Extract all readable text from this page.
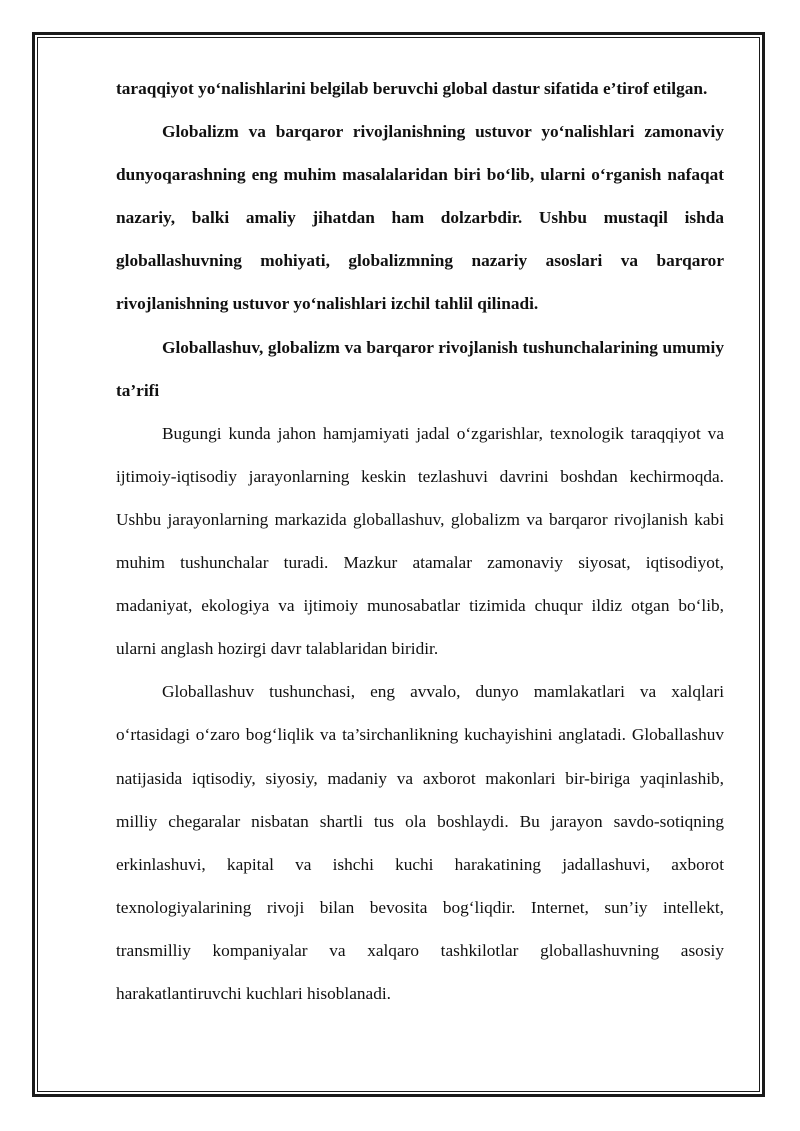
taraqqiyot yo‘nalishlarini belgilab beruvchi global dastur sifatida e’tirof etilgan.

Globalizm va barqaror rivojlanishning ustuvor yo‘nalishlari zamonaviy dunyoqarashning eng muhim masalalaridan biri bo‘lib, ularni o‘rganish nafaqat nazariy, balki amaliy jihatdan ham dolzarbdir. Ushbu mustaqil ishda globallashuvning mohiyati, globalizmning nazariy asoslari va barqaror rivojlanishning ustuvor yo‘nalishlari izchil tahlil qilinadi.

Globallashuv, globalizm va barqaror rivojlanish tushunchalarining umumiy ta’rifi

Bugungi kunda jahon hamjamiyati jadal o‘zgarishlar, texnologik taraqqiyot va ijtimoiy-iqtisodiy jarayonlarning keskin tezlashuvi davrini boshdan kechirmoqda. Ushbu jarayonlarning markazida globallashuv, globalizm va barqaror rivojlanish kabi muhim tushunchalar turadi. Mazkur atamalar zamonaviy siyosat, iqtisodiyot, madaniyat, ekologiya va ijtimoiy munosabatlar tizimida chuqur ildiz otgan bo‘lib, ularni anglash hozirgi davr talablaridan biridir.

Globallashuv tushunchasi, eng avvalo, dunyo mamlakatlari va xalqlari o‘rtasidagi o‘zaro bog‘liqlik va ta’sirchanlikning kuchayishini anglatadi. Globallashuv natijasida iqtisodiy, siyosiy, madaniy va axborot makonlari bir-biriga yaqinlashib, milliy chegaralar nisbatan shartli tus ola boshlaydi. Bu jarayon savdo-sotiqning erkinlashuvi, kapital va ishchi kuchi harakatining jadallashuvi, axborot texnologiyalarining rivoji bilan bevosita bog‘liqdir. Internet, sun’iy intellekt, transmilliy kompaniyalar va xalqaro tashkilotlar globallashuvning asosiy harakatlantiruvchi kuchlari hisoblanadi.
